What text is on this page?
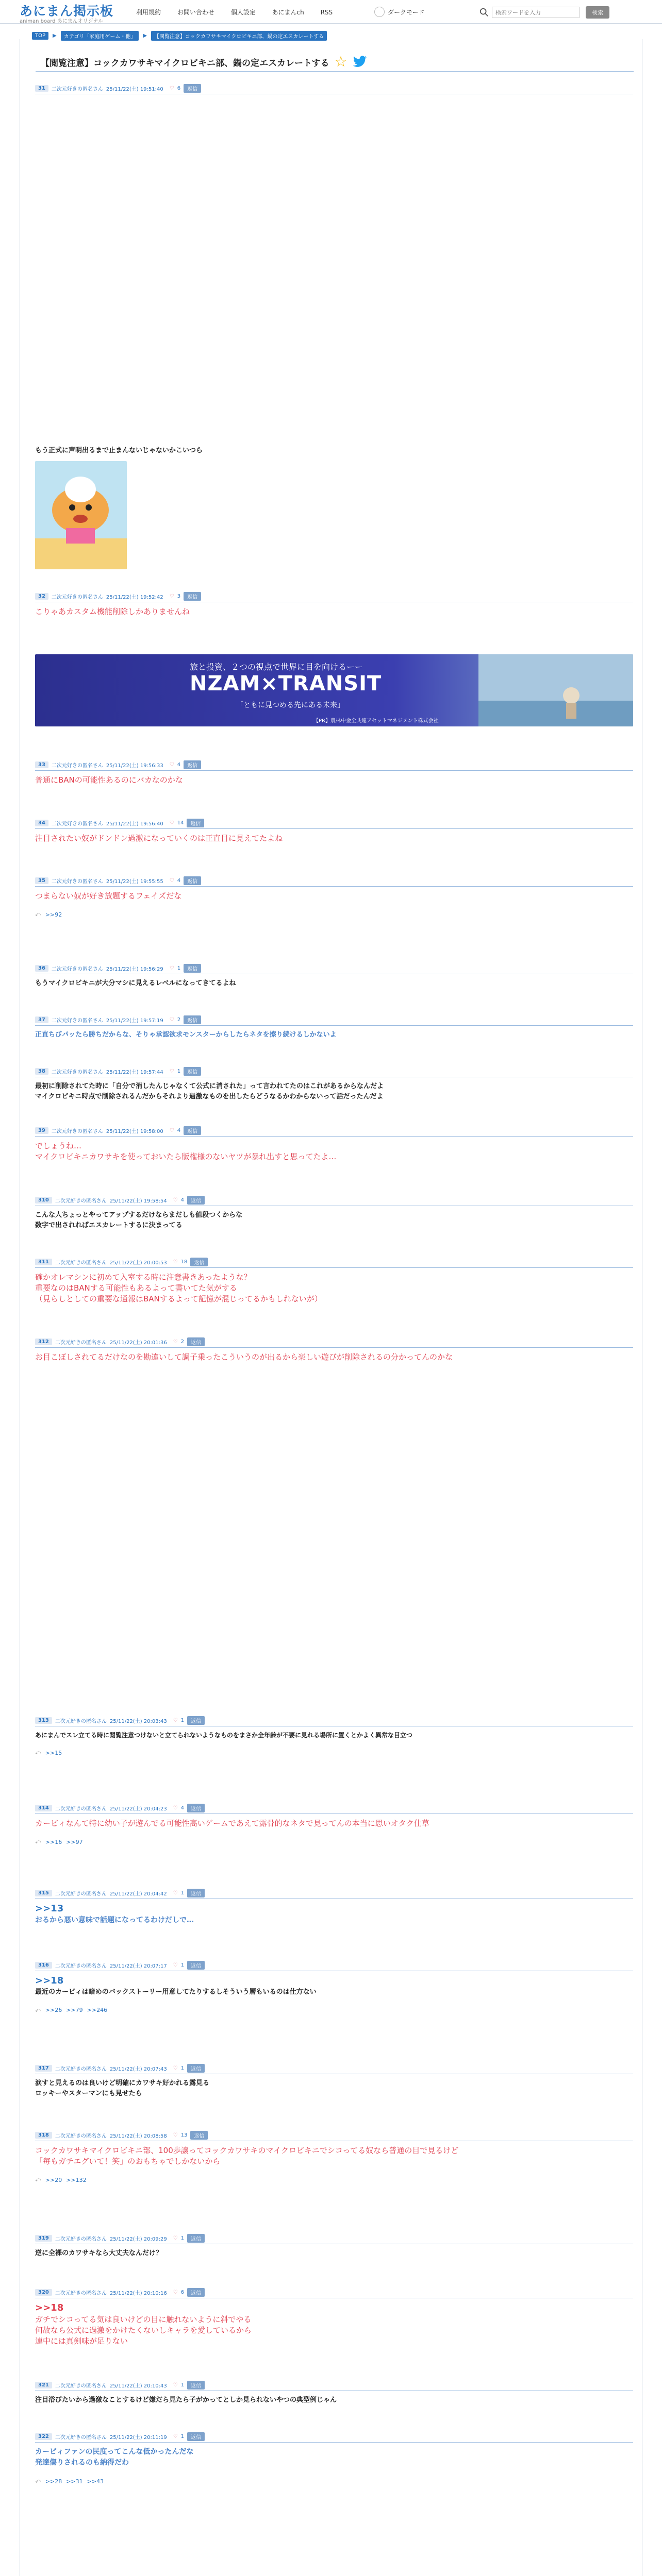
あにまん掲示板
animan board あにまんオリジナル
利用規約	お問い合わせ	個人設定	あにまんch	RSS	ダークモード
検索ワードを入力	検索
TOP	▶	カテゴリ「家庭用ゲーム・他」	▶	【閲覧注意】コックカワサキマイクロビキニ部、鍋の定エスカレートする
【閲覧注意】コックカワサキマイクロビキニ部、鍋の定エスカレートする ☆
31	二次元好きの匿名さん 25/11/22(土) 19:51:40 ♡ 6	返信
もう正式に声明出るまで止まんないじゃないかこいつら
32	二次元好きの匿名さん 25/11/22(土) 19:52:42 ♡ 3	返信
こりゃあカスタム機能削除しかありませんね
旅と投資、２つの視点で世界に目を向けるーー
NZAM×TRANSIT
「ともに見つめる先にある未来」
【PR】農林中金全共連アセットマネジメント株式会社
33	二次元好きの匿名さん 25/11/22(土) 19:56:33 ♡ 4	返信
普通にBANの可能性あるのにバカなのかな
34	二次元好きの匿名さん 25/11/22(土) 19:56:40 ♡ 14	返信
注目されたい奴がドンドン過激になっていくのは正直目に見えてたよね
35	二次元好きの匿名さん 25/11/22(土) 19:55:55 ♡ 4	返信
つまらない奴が好き放題するフェイズだな
⤺ >>92
36	二次元好きの匿名さん 25/11/22(土) 19:56:29 ♡ 1	返信
もうマイクロビキニが大分マシに見えるレベルになってきてるよね
37	二次元好きの匿名さん 25/11/22(土) 19:57:19 ♡ 2	返信
正直ちびパッたら勝ちだからな、そりゃ承認欲求モンスターからしたらネタを擦り続けるしかないよ
38	二次元好きの匿名さん 25/11/22(土) 19:57:44 ♡ 1	返信
最初に削除されてた時に「自分で消したんじゃなくて公式に消された」って言われてたのはこれがあるからなんだよ
マイクロビキニ時点で削除されるんだからそれより過激なものを出したらどうなるかわからないって話だったんだよ
39	二次元好きの匿名さん 25/11/22(土) 19:58:00 ♡ 4	返信
でしょうね…
マイクロビキニカワサキを使っておいたら版権様のないヤツが暴れ出すと思ってたよ…
310	二次元好きの匿名さん 25/11/22(土) 19:58:54 ♡ 4	返信
こんな人ちょっとやってアップするだけならまだしも値段つくからな
数字で出されればエスカレートするに決まってる
311	二次元好きの匿名さん 25/11/22(土) 20:00:53 ♡ 18	返信
確かオレマシンに初めて入室する時に注意書きあったような？
重要なのはBANする可能性もあるよって書いてた気がする
（見らしとしての重要な通報はBANするよって記憶が混じってるかもしれないが）
312	二次元好きの匿名さん 25/11/22(土) 20:01:36 ♡ 2	返信
お目こぼしされてるだけなのを勘違いして調子乗ったこういうのが出るから楽しい遊びが削除されるの分かってんのかな
313	二次元好きの匿名さん 25/11/22(土) 20:03:43 ♡ 1	返信
あにまんでスレ立てる時に閲覧注意つけないと立てられないようなものをまさか全年齢が不要に見れる場所に置くとかよく異常な目立つ
⤺ >>15
314	二次元好きの匿名さん 25/11/22(土) 20:04:23 ♡ 4	返信
カービィなんて特に幼い子が遊んでる可能性高いゲームであえて露骨的なネタで見ってんの本当に思いオタク仕草
⤺ >>16 >>97
315	二次元好きの匿名さん 25/11/22(土) 20:04:42 ♡ 1	返信
>>13
おるから悪い意味で話題になってるわけだしで…
316	二次元好きの匿名さん 25/11/22(土) 20:07:17 ♡ 1	返信
>>18
最近のカービィは暗めのバックストーリー用意してたりするしそういう層もいるのは仕方ない
⤺ >>26 >>79 >>246
317	二次元好きの匿名さん 25/11/22(土) 20:07:43 ♡ 1	返信
涙すと見えるのは良いけど明確にカワサキ好かれる露見る
ロッキーやスターマンにも見せたら
318	二次元好きの匿名さん 25/11/22(土) 20:08:58 ♡ 13	返信
コックカワサキマイクロビキニ部、100歩譲ってコックカワサキのマイクロビキニでシコってる奴なら普通の目で見るけど
「毎もガチエグいて！笑」のおもちゃでしかないから
⤺ >>20 >>132
319	二次元好きの匿名さん 25/11/22(土) 20:09:29 ♡ 1	返信
逆に全裸のカワサキなら大丈夫なんだけ？
320	二次元好きの匿名さん 25/11/22(土) 20:10:16 ♡ 6	返信
>>18
ガチでシコってる気は良いけどの目に触れないように斜でやる
何故なら公式に過激をかけたくないしキャラを愛しているから
連中には真剣味が足りない
321	二次元好きの匿名さん 25/11/22(土) 20:10:43 ♡ 1	返信
注目浴びたいから過激なことするけど嫌だら見たら子がかってとしか見られないやつの典型例じゃん
322	二次元好きの匿名さん 25/11/22(土) 20:11:19 ♡ 1	返信
カービィファンの民度ってこんな低かったんだな
発達傷りされるのも納得だわ
⤺ >>28 >>31 >>43
